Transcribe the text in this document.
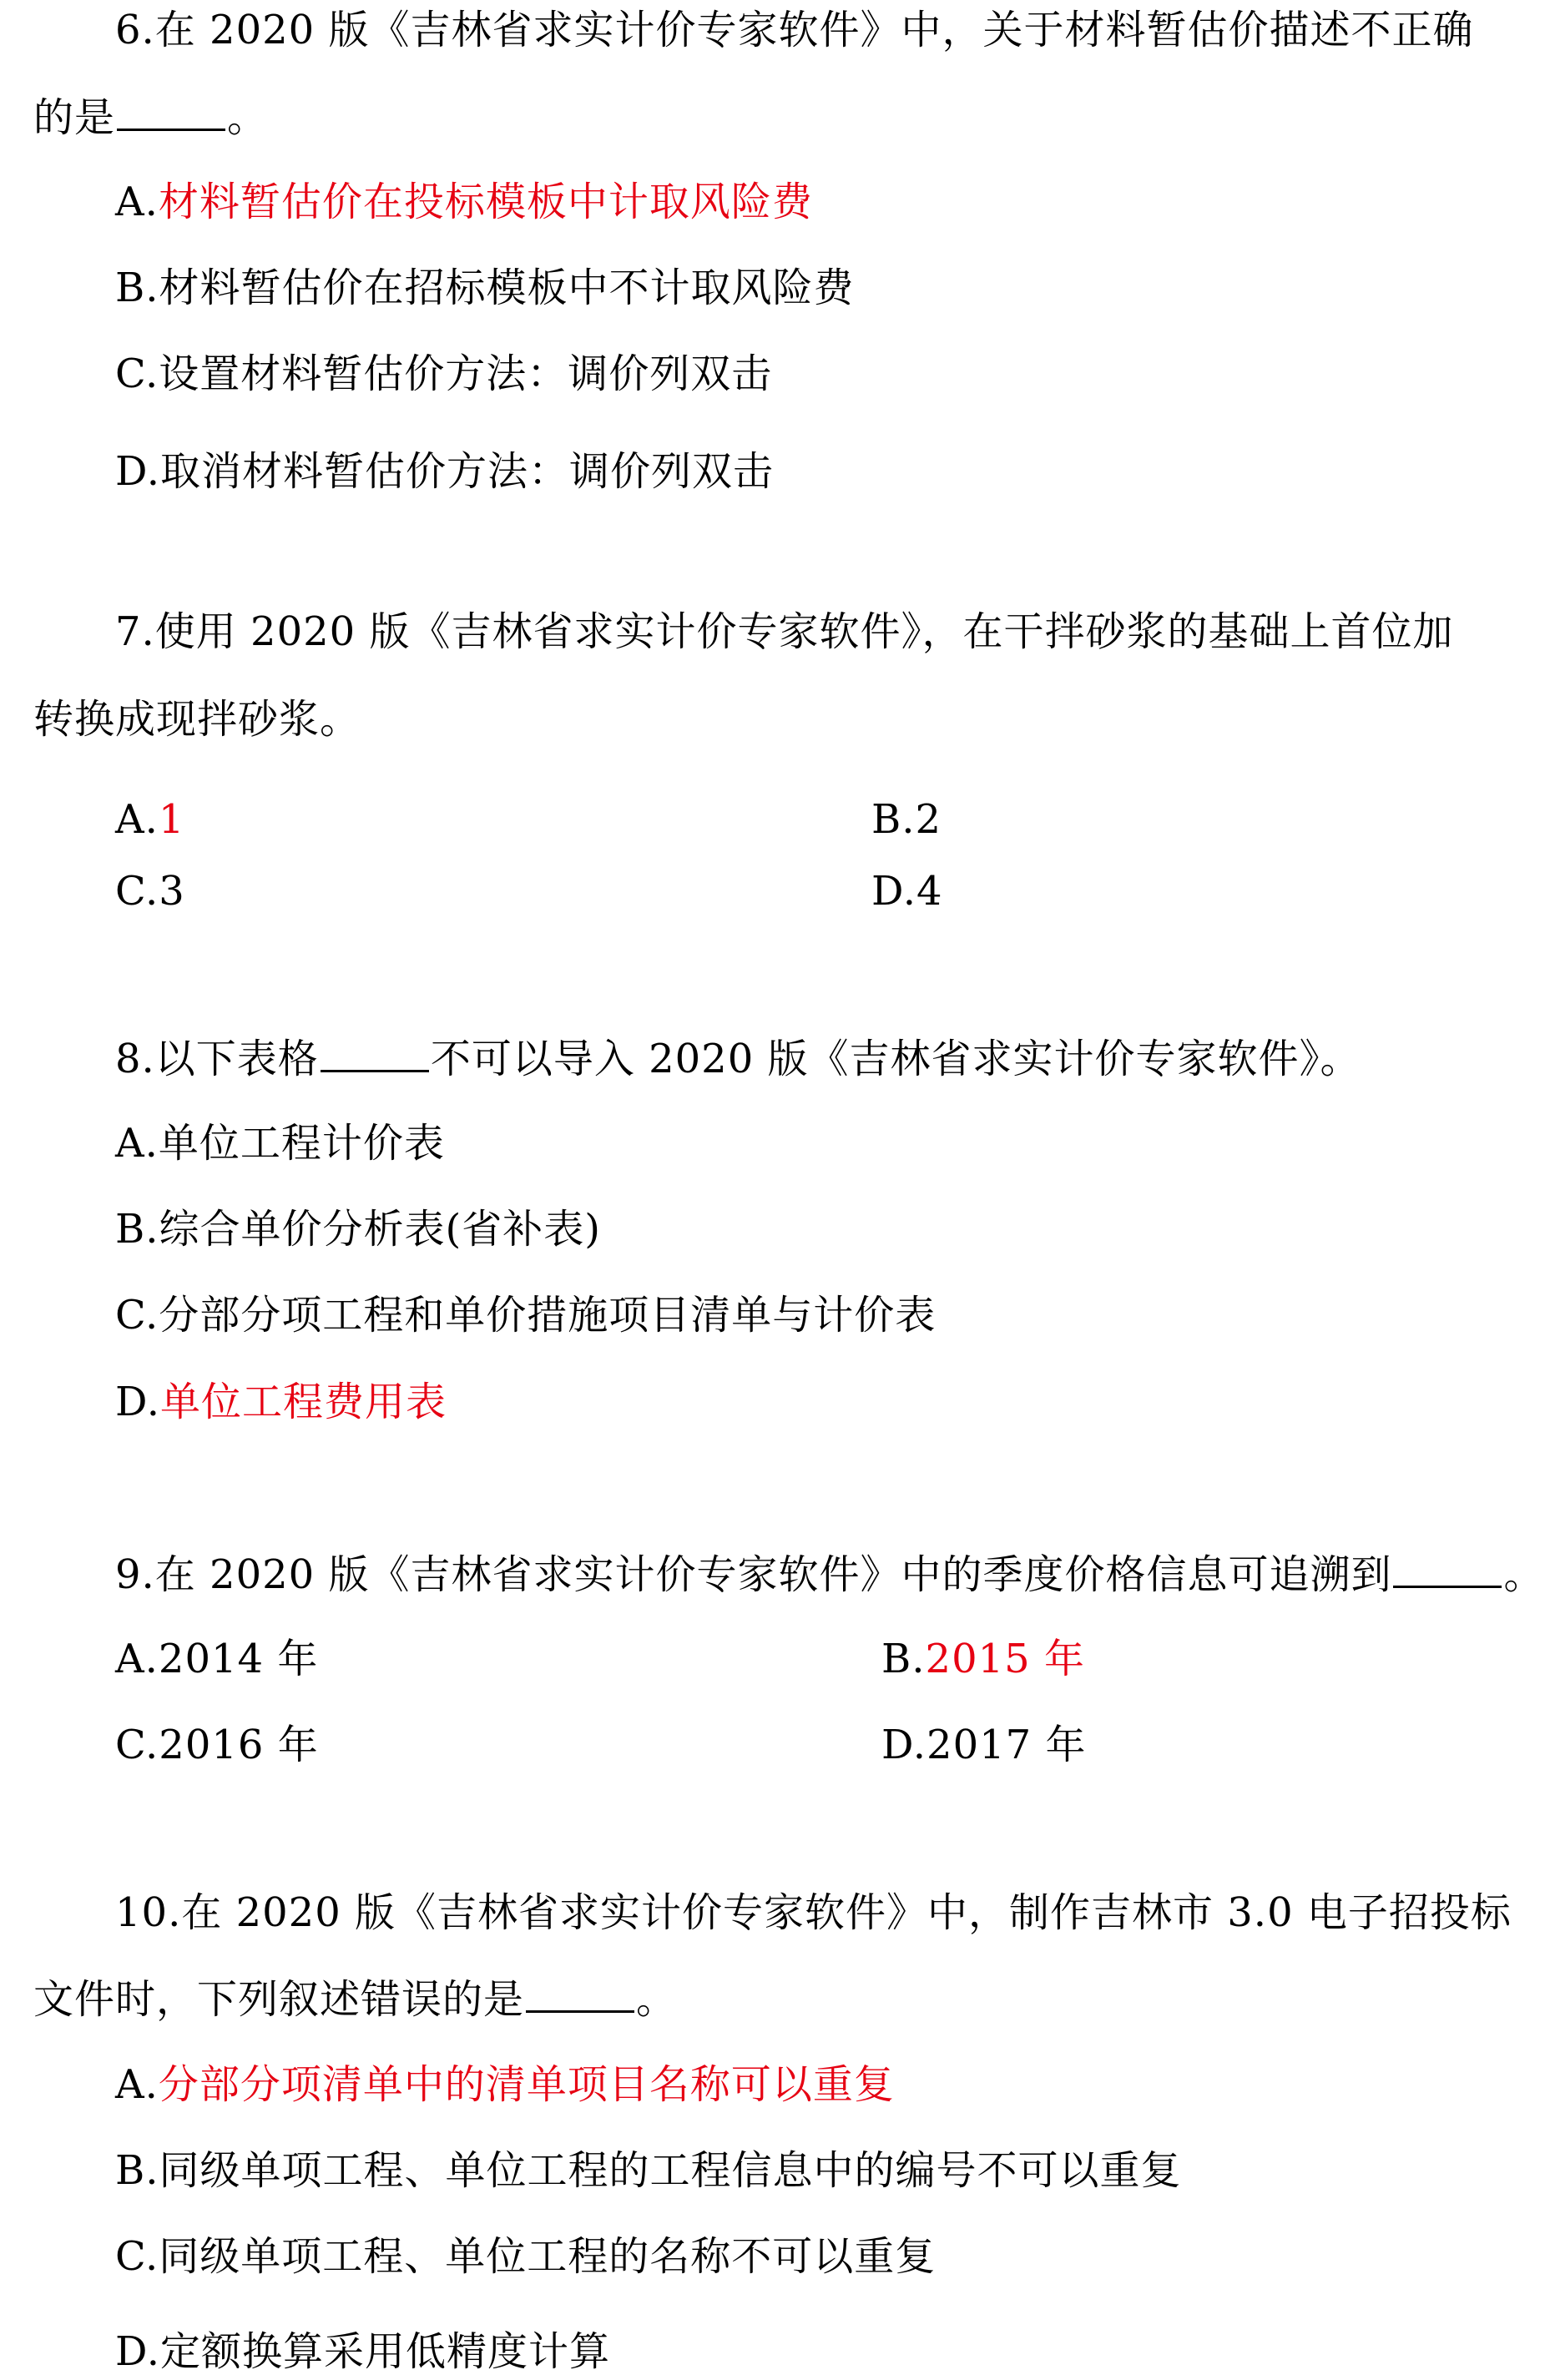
6.在 2020 版《吉林省求实计价专家软件》中，关于材料暂估价描述不正确
的是	。
A.材料暂估价在投标模板中计取风险费
B.材料暂估价在招标模板中不计取风险费
C.设置材料暂估价方法：调价列双击
D.取消材料暂估价方法：调价列双击
7.使用 2020 版《吉林省求实计价专家软件》，在干拌砂浆的基础上首位加
转换成现拌砂浆。
A.1	B.2
C.3	D.4
8.以下表格	不可以导入 2020 版《吉林省求实计价专家软件》。
A.单位工程计价表
B.综合单价分析表(省补表)
C.分部分项工程和单价措施项目清单与计价表
D.单位工程费用表
9.在 2020 版《吉林省求实计价专家软件》中的季度价格信息可追溯到	。
A.2014 年	B.2015 年
C.2016 年	D.2017 年
10.在 2020 版《吉林省求实计价专家软件》中，制作吉林市 3.0 电子招投标
文件时，下列叙述错误的是	。
A.分部分项清单中的清单项目名称可以重复
B.同级单项工程、单位工程的工程信息中的编号不可以重复
C.同级单项工程、单位工程的名称不可以重复
D.定额换算采用低精度计算
